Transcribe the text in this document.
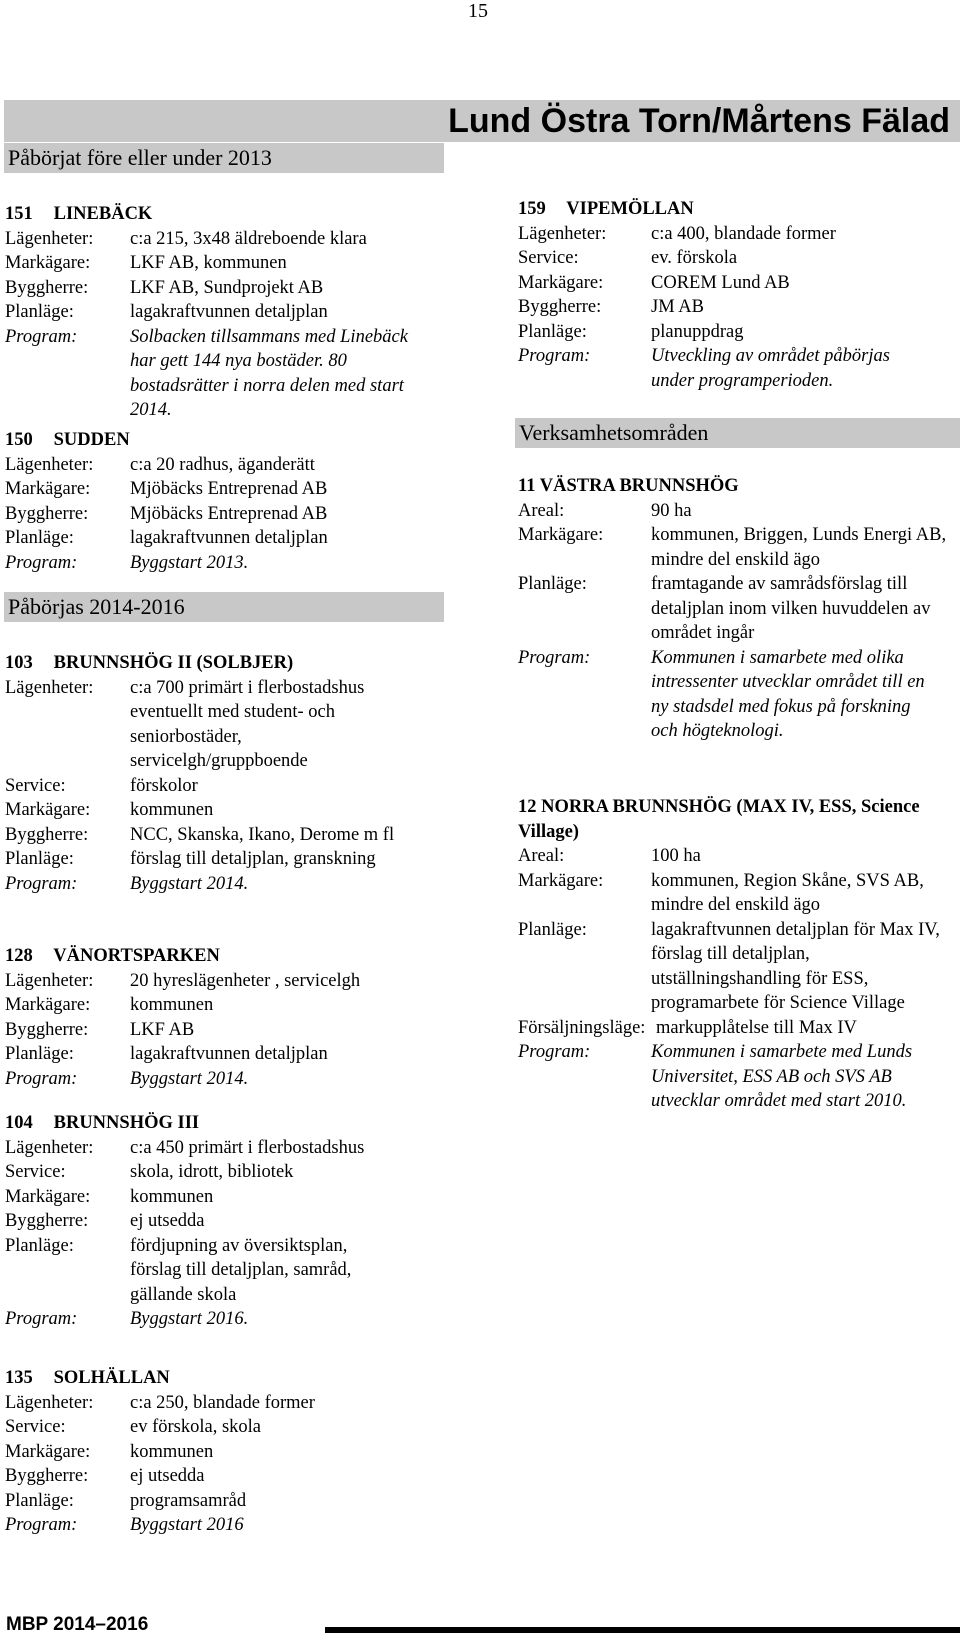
15
Lund Östra Torn/Mårtens Fälad
Påbörjat före eller under 2013
151 LINEBÄCK
Lägenheter:	c:a 215, 3x48 äldreboende klara
Markägare:	LKF AB, kommunen
Byggherre:	LKF AB, Sundprojekt AB
Planläge:	lagakraftvunnen detaljplan
Program:	Solbacken tillsammans med Linebäck har gett 144 nya bostäder. 80 bostadsrätter i norra delen med start 2014.
150 SUDDEN
Lägenheter:	c:a 20 radhus, äganderätt
Markägare:	Mjöbäcks Entreprenad AB
Byggherre:	Mjöbäcks Entreprenad AB
Planläge:	lagakraftvunnen detaljplan
Program:	Byggstart 2013.
Påbörjas 2014-2016
103 BRUNNSHÖG II (SOLBJER)
Lägenheter:	c:a 700 primärt i flerbostadshus eventuellt med student- och seniorbostäder, servicelgh/gruppboende
Service:	förskolor
Markägare:	kommunen
Byggherre:	NCC, Skanska, Ikano, Derome m fl
Planläge:	förslag till detaljplan, granskning
Program:	Byggstart 2014.
128 VÄNORTSPARKEN
Lägenheter:	20 hyreslägenheter , servicelgh
Markägare:	kommunen
Byggherre:	LKF AB
Planläge:	lagakraftvunnen detaljplan
Program:	Byggstart 2014.
104 BRUNNSHÖG III
Lägenheter:	c:a 450 primärt i flerbostadshus
Service:	skola, idrott, bibliotek
Markägare:	kommunen
Byggherre:	ej utsedda
Planläge:	fördjupning av översiktsplan, förslag till detaljplan, samråd, gällande skola
Program:	Byggstart 2016.
135 SOLHÄLLAN
Lägenheter:	c:a 250, blandade former
Service:	ev förskola, skola
Markägare:	kommunen
Byggherre:	ej utsedda
Planläge:	programsamråd
Program:	Byggstart 2016
159 VIPEMÖLLAN
Lägenheter:	c:a 400, blandade former
Service:	ev. förskola
Markägare:	COREM Lund AB
Byggherre:	JM AB
Planläge:	planuppdrag
Program:	Utveckling av området påbörjas under programperioden.
Verksamhetsområden
11 VÄSTRA BRUNNSHÖG
Areal:	90 ha
Markägare:	kommunen, Briggen, Lunds Energi AB, mindre del enskild ägo
Planläge:	framtagande av samrådsförslag till detaljplan inom vilken huvuddelen av området ingår
Program:	Kommunen i samarbete med olika intressenter utvecklar området till en ny stadsdel med fokus på forskning och högteknologi.
12 NORRA BRUNNSHÖG (MAX IV, ESS, Science Village)
Areal:	100 ha
Markägare:	kommunen, Region Skåne, SVS AB, mindre del enskild ägo
Planläge:	lagakraftvunnen detaljplan för Max IV, förslag till detaljplan, utställningshandling för ESS, programarbete för Science Village
Försäljningsläge: markupplåtelse till Max IV
Program:	Kommunen i samarbete med Lunds Universitet, ESS AB och SVS AB utvecklar området med start 2010.
MBP 2014–2016
